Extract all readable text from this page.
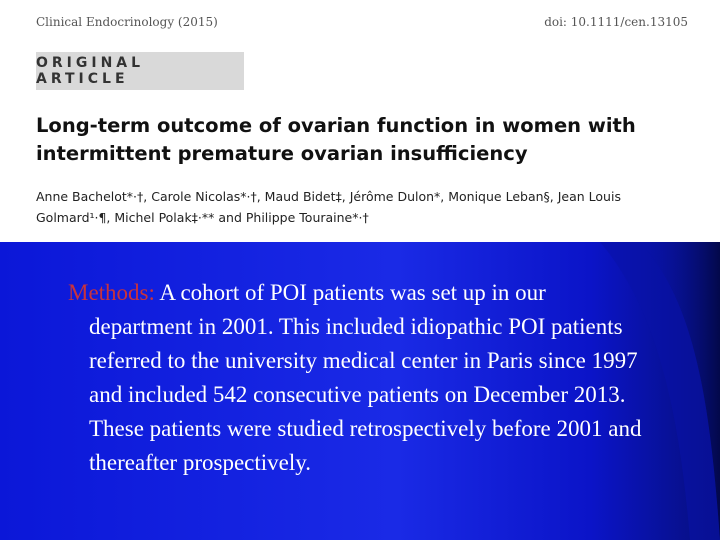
Clinical Endocrinology (2015)	doi: 10.1111/cen.13105
ORIGINAL ARTICLE
Long-term outcome of ovarian function in women with intermittent premature ovarian insufficiency
Anne Bachelot*·†, Carole Nicolas*·†, Maud Bidet‡, Jérôme Dulon*, Monique Leban§, Jean Louis Golmard¹·¶, Michel Polak‡·** and Philippe Touraine*·†
Methods: A cohort of POI patients was set up in our
department in 2001. This included idiopathic POI patients referred to the university medical center in Paris since 1997 and included 542 consecutive patients on December 2013. These patients were studied retrospectively before 2001 and thereafter prospectively.
